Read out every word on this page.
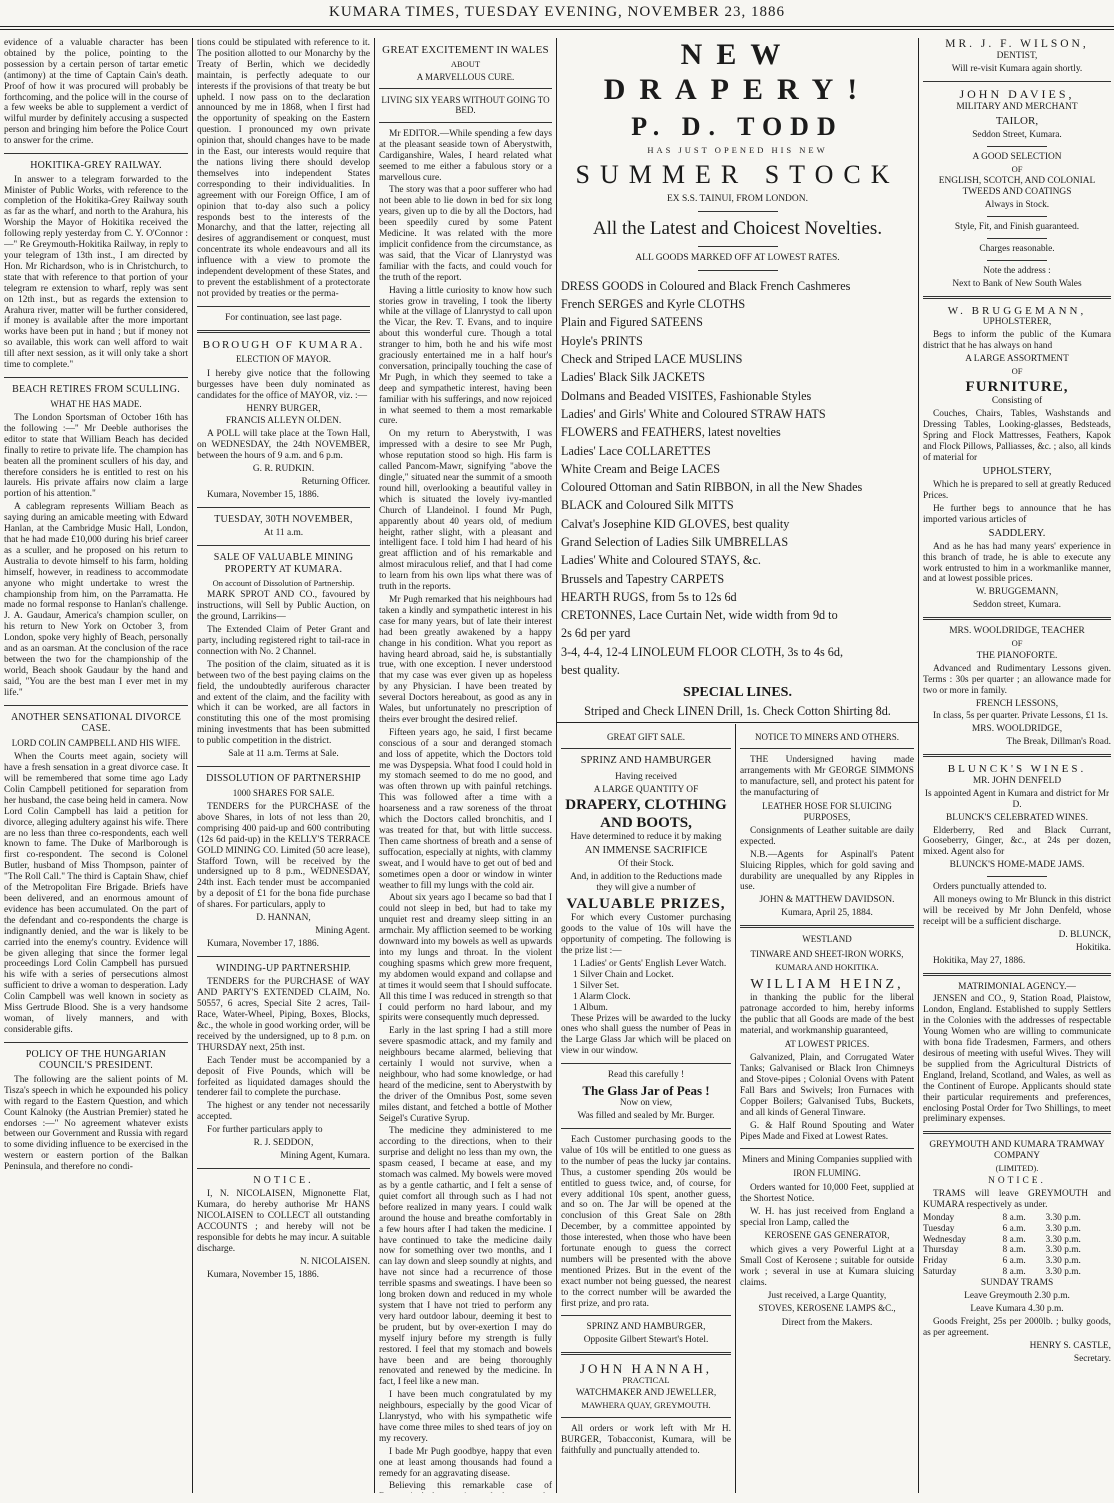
KUMARA TIMES, TUESDAY EVENING, NOVEMBER 23, 1886

evidence of a valuable character has been obtained by the police, pointing to the possession by a certain person of tartar emetic (antimony) at the time of Captain Cain's death. Proof of how it was procured will probably be forthcoming, and the police will in the course of a few weeks be able to supplement a verdict of wilful murder by definitely accusing a suspected person and bringing him before the Police Court to answer for the crime.

HOKITIKA-GREY RAILWAY.

In answer to a telegram forwarded to the Minister of Public Works, with reference to the completion of the Hokitika-Grey Railway south as far as the wharf, and north to the Arahura, his Worship the Mayor of Hokitika received the following reply yesterday from C. Y. O'Connor :—" Re Greymouth-Hokitika Railway, in reply to your telegram of 13th inst., I am directed by Hon. Mr Richardson, who is in Christchurch, to state that with reference to that portion of your telegram re extension to wharf, reply was sent on 12th inst., but as regards the extension to Arahura river, matter will be further considered, if money is available after the more important works have been put in hand ; but if money not so available, this work can well afford to wait till after next session, as it will only take a short time to complete."

BEACH RETIRES FROM SCULLING.
WHAT HE HAS MADE.

The London Sportsman of October 16th has the following :—" Mr Deeble authorises the editor to state that William Beach has decided finally to retire to private life. The champion has beaten all the prominent scullers of his day, and therefore considers he is entitled to rest on his laurels. His private affairs now claim a large portion of his attention."

A cablegram represents William Beach as saying during an amicable meeting with Edward Hanlan, at the Cambridge Music Hall, London, that he had made £10,000 during his brief career as a sculler, and he proposed on his return to Australia to devote himself to his farm, holding himself, however, in readiness to accommodate anyone who might undertake to wrest the championship from him, on the Parramatta. He made no formal response to Hanlan's challenge. J. A. Gaudaur, America's champion sculler, on his return to New York on October 3, from London, spoke very highly of Beach, personally and as an oarsman. At the conclusion of the race between the two for the championship of the world, Beach shook Gaudaur by the hand and said, "You are the best man I ever met in my life."

ANOTHER SENSATIONAL DIVORCE CASE.
LORD COLIN CAMPBELL AND HIS WIFE.

When the Courts meet again, society will have a fresh sensation in a great divorce case. It will be remembered that some time ago Lady Colin Campbell petitioned for separation from her husband, the case being held in camera. Now Lord Colin Campbell has laid a petition for divorce, alleging adultery against his wife. There are no less than three co-respondents, each well known to fame. The Duke of Marlborough is first co-respondent. The second is Colonel Butler, husband of Miss Thompson, painter of "The Roll Call." The third is Captain Shaw, chief of the Metropolitan Fire Brigade. Briefs have been delivered, and an enormous amount of evidence has been accumulated. On the part of the defendant and co-respondents the charge is indignantly denied, and the war is likely to be carried into the enemy's country. Evidence will be given alleging that since the former legal proceedings Lord Colin Campbell has pursued his wife with a series of persecutions almost sufficient to drive a woman to desperation. Lady Colin Campbell was well known in society as Miss Gertrude Blood. She is a very handsome woman, of lively manners, and with considerable gifts.

POLICY OF THE HUNGARIAN COUNCIL'S PRESIDENT.

The following are the salient points of M. Tisza's speech in which he expounded his policy with regard to the Eastern Question, and which Count Kalnoky (the Austrian Premier) stated he endorses :—" No agreement whatever exists between our Government and Russia with regard to some dividing influence to be exercised in the western or eastern portion of the Balkan Peninsula, and therefore no condi-

tions could be stipulated with reference to it. The position allotted to our Monarchy by the Treaty of Berlin, which we decidedly maintain, is perfectly adequate to our interests if the provisions of that treaty be but upheld. I now pass on to the declaration announced by me in 1868, when I first had the opportunity of speaking on the Eastern question. I pronounced my own private opinion that, should changes have to be made in the East, our interests would require that the nations living there should develop themselves into independent States corresponding to their individualities. In agreement with our Foreign Office, I am of opinion that to-day also such a policy responds best to the interests of the Monarchy, and that the latter, rejecting all desires of aggrandisement or conquest, must concentrate its whole endeavours and all its influence with a view to promote the independent development of these States, and to prevent the establishment of a protectorate not provided by treaties or the perma-

For continuation, see last page.

BOROUGH OF KUMARA.
ELECTION OF MAYOR.

I hereby give notice that the following burgesses have been duly nominated as candidates for the office of MAYOR, viz. :—

HENRY BURGER,

FRANCIS ALLEYN OLDEN.

A POLL will take place at the Town Hall, on WEDNESDAY, the 24th NOVEMBER, between the hours of 9 a.m. and 6 p.m.

G. R. RUDKIN.

Returning Officer.

Kumara, November 15, 1886.

TUESDAY, 30TH NOVEMBER,

At 11 a.m.

SALE OF VALUABLE MINING PROPERTY AT KUMARA.

On account of Dissolution of Partnership.

MARK SPROT AND CO., favoured by instructions, will Sell by Public Auction, on the ground, Larrikins—

The Extended Claim of Peter Grant and party, including registered right to tail-race in connection with No. 2 Channel.

The position of the claim, situated as it is between two of the best paying claims on the field, the undoubtedly auriferous character and extent of the claim, and the facility with which it can be worked, are all factors in constituting this one of the most promising mining investments that has been submitted to public competition in the district.

Sale at 11 a.m. Terms at Sale.

DISSOLUTION OF PARTNERSHIP
1000 SHARES FOR SALE.

TENDERS for the PURCHASE of the above Shares, in lots of not less than 20, comprising 400 paid-up and 600 contributing (12s 6d paid-up) in the KELLY'S TERRACE GOLD MINING CO. Limited (50 acre lease), Stafford Town, will be received by the undersigned up to 8 p.m., WEDNESDAY, 24th inst. Each tender must be accompanied by a deposit of £1 for the bona fide purchase of shares. For particulars, apply to

D. HANNAN,

Mining Agent.

Kumara, November 17, 1886.

WINDING-UP PARTNERSHIP.

TENDERS for the PURCHASE of WAY AND PARTY'S EXTENDED CLAIM, No. 50557, 6 acres, Special Site 2 acres, Tail-Race, Water-Wheel, Piping, Boxes, Blocks, &c., the whole in good working order, will be received by the undersigned, up to 8 p.m. on THURSDAY next, 25th inst.

Each Tender must be accompanied by a deposit of Five Pounds, which will be forfeited as liquidated damages should the tenderer fail to complete the purchase.

The highest or any tender not necessarily accepted.

For further particulars apply to

R. J. SEDDON,

Mining Agent, Kumara.

NOTICE.

I, N. NICOLAISEN, Mignonette Flat, Kumara, do hereby authorise Mr HANS NICOLAISEN to COLLECT all outstanding ACCOUNTS ; and hereby will not be responsible for debts he may incur. A suitable discharge.

N. NICOLAISEN.

Kumara, November 15, 1886.

GREAT EXCITEMENT IN WALES
ABOUT
A MARVELLOUS CURE.
LIVING SIX YEARS WITHOUT GOING TO BED.

Mr EDITOR.—While spending a few days at the pleasant seaside town of Aberystwith, Cardiganshire, Wales, I heard related what seemed to me either a fabulous story or a marvellous cure.

The story was that a poor sufferer who had not been able to lie down in bed for six long years, given up to die by all the Doctors, had been speedily cured by some Patent Medicine. It was related with the more implicit confidence from the circumstance, as was said, that the Vicar of Llanrystyd was familiar with the facts, and could vouch for the truth of the report.

Having a little curiosity to know how such stories grow in traveling, I took the liberty while at the village of Llanrystyd to call upon the Vicar, the Rev. T. Evans, and to inquire about this wonderful cure. Though a total stranger to him, both he and his wife most graciously entertained me in a half hour's conversation, principally touching the case of Mr Pugh, in which they seemed to take a deep and sympathetic interest, having been familiar with his sufferings, and now rejoiced in what seemed to them a most remarkable cure.

On my return to Aberystwith, I was impressed with a desire to see Mr Pugh, whose reputation stood so high. His farm is called Pancom-Mawr, signifying "above the dingle," situated near the summit of a smooth round hill, overlooking a beautiful valley in which is situated the lovely ivy-mantled Church of Llandeinol. I found Mr Pugh, apparently about 40 years old, of medium height, rather slight, with a pleasant and intelligent face. I told him I had heard of his great affliction and of his remarkable and almost miraculous relief, and that I had come to learn from his own lips what there was of truth in the reports.

Mr Pugh remarked that his neighbours had taken a kindly and sympathetic interest in his case for many years, but of late their interest had been greatly awakened by a happy change in his condition. What you report as having heard abroad, said he, is substantially true, with one exception. I never understood that my case was ever given up as hopeless by any Physician. I have been treated by several Doctors hereabout, as good as any in Wales, but unfortunately no prescription of theirs ever brought the desired relief.

Fifteen years ago, he said, I first became conscious of a sour and deranged stomach and loss of appetite, which the Doctors told me was Dyspepsia. What food I could hold in my stomach seemed to do me no good, and was often thrown up with painful retchings. This was followed after a time with a hoarseness and a raw soreness of the throat which the Doctors called bronchitis, and I was treated for that, but with little success. Then came shortness of breath and a sense of suffocation, especially at nights, with clammy sweat, and I would have to get out of bed and sometimes open a door or window in winter weather to fill my lungs with the cold air.

About six years ago I became so bad that I could not sleep in bed, but had to take my unquiet rest and dreamy sleep sitting in an armchair. My affliction seemed to be working downward into my bowels as well as upwards into my lungs and throat. In the violent coughing spasms which grew more frequent, my abdomen would expand and collapse and at times it would seem that I should suffocate. All this time I was reduced in strength so that I could perform no hard labour, and my spirits were consequently much depressed.

Early in the last spring I had a still more severe spasmodic attack, and my family and neighbours became alarmed, believing that certainly I would not survive, when a neighbour, who had some knowledge, or had heard of the medicine, sent to Aberystwith by the driver of the Omnibus Post, some seven miles distant, and fetched a bottle of Mother Seigel's Curative Syrup.

The medicine they administered to me according to the directions, when to their surprise and delight no less than my own, the spasm ceased, I became at ease, and my stomach was calmed. My bowels were moved as by a gentle cathartic, and I felt a sense of quiet comfort all through such as I had not before realized in many years. I could walk around the house and breathe comfortably in a few hours after I had taken the medicine. I have continued to take the medicine daily now for something over two months, and I can lay down and sleep soundly at nights, and have not since had a recurrence of those terrible spasms and sweatings. I have been so long broken down and reduced in my whole system that I have not tried to perform any very hard outdoor labour, deeming it best to be prudent, but by over-exertion I may do myself injury before my strength is fully restored. I feel that my stomach and bowels have been and are being thoroughly renovated and renewed by the medicine. In fact, I feel like a new man.

I have been much congratulated by my neighbours, especially by the good Vicar of Llanrystyd, who with his sympathetic wife have come three miles to shed tears of joy on my recovery.

I bade Mr Pugh goodbye, happy that even one at least among thousands had found a remedy for an aggravating disease.

Believing this remarkable case of

NEW DRAPERY!
P. D. TODD
HAS JUST OPENED HIS NEW
SUMMER STOCK
EX S.S. TAINUI, FROM LONDON.
All the Latest and Choicest Novelties.
ALL GOODS MARKED OFF AT LOWEST RATES.
DRESS GOODS in Coloured and Black French Cashmeres
French SERGES and Kyrle CLOTHS
Plain and Figured SATEENS
Hoyle's PRINTS
Check and Striped LACE MUSLINS
Ladies' Black Silk JACKETS
Dolmans and Beaded VISITES, Fashionable Styles
Ladies' and Girls' White and Coloured STRAW HATS
FLOWERS and FEATHERS, latest novelties
Ladies' Lace COLLARETTES
White Cream and Beige LACES
Coloured Ottoman and Satin RIBBON, in all the New Shades
BLACK and Coloured Silk MITTS
Calvat's Josephine KID GLOVES, best quality
Grand Selection of Ladies Silk UMBRELLAS
Ladies' White and Coloured STAYS, &c.
Brussels and Tapestry CARPETS
HEARTH RUGS, from 5s to 12s 6d
CRETONNES, Lace Curtain Net, wide width from 9d to
2s 6d per yard
3-4, 4-4, 12-4 LINOLEUM FLOOR CLOTH, 3s to 4s 6d,
best quality.
SPECIAL LINES.
Striped and Check LINEN Drill, 1s. Check Cotton Shirting 8d.
GREAT GIFT SALE.
SPRINZ AND HAMBURGER

Having received

A LARGE QUANTITY OF

DRAPERY, CLOTHING AND BOOTS,

Have determined to reduce it by making

AN IMMENSE SACRIFICE

Of their Stock.

And, in addition to the Reductions made they will give a number of

VALUABLE PRIZES,

For which every Customer purchasing goods to the value of 10s will have the opportunity of competing. The following is the prize list :—

1 Ladies' or Gents' English Lever Watch.
1 Silver Chain and Locket.
1 Silver Set.
1 Alarm Clock.
1 Album.

These Prizes will be awarded to the lucky ones who shall guess the number of Peas in the Large Glass Jar which will be placed on view in our window.

Read this carefully !

The Glass Jar of Peas !

Now on view,

Was filled and sealed by Mr. Burger.

Each Customer purchasing goods to the value of 10s will be entitled to one guess as to the number of peas the lucky jar contains. Thus, a customer spending 20s would be entitled to guess twice, and, of course, for every additional 10s spent, another guess, and so on. The Jar will be opened at the conclusion of this Great Sale on 28th December, by a committee appointed by those interested, when those who have been fortunate enough to guess the correct numbers will be presented with the above mentioned Prizes. But in the event of the exact number not being guessed, the nearest to the correct number will be awarded the first prize, and pro rata.

SPRINZ AND HAMBURGER,

Opposite Gilbert Stewart's Hotel.

JOHN HANNAH,

PRACTICAL

WATCHMAKER AND JEWELLER,

MAWHERA QUAY, GREYMOUTH.

All orders or work left with Mr H. BURGER, Tobacconist, Kumara, will be faithfully and punctually attended to.

NOTICE TO MINERS AND OTHERS.

THE Undersigned having made arrangements with Mr GEORGE SIMMONS to manufacture, sell, and protect his patent for the manufacturing of

LEATHER HOSE FOR SLUICING PURPOSES,

Consignments of Leather suitable are daily expected.

N.B.—Agents for Aspinall's Patent Sluicing Ripples, which for gold saving and durability are unequalled by any Ripples in use.

JOHN & MATTHEW DAVIDSON.

Kumara, April 25, 1884.

WESTLAND
TINWARE AND SHEET-IRON WORKS,
KUMARA AND HOKITIKA.
WILLIAM HEINZ,

in thanking the public for the liberal patronage accorded to him, hereby informs the public that all Goods are made of the best material, and workmanship guaranteed,

AT LOWEST PRICES.

Galvanized, Plain, and Corrugated Water Tanks; Galvanised or Black Iron Chimneys and Stove-pipes ; Colonial Ovens with Patent Fall Bars and Swivels; Iron Furnaces with Copper Boilers; Galvanised Tubs, Buckets, and all kinds of General Tinware.

G. & Half Round Spouting and Water Pipes Made and Fixed at Lowest Rates.

Miners and Mining Companies supplied with

IRON FLUMING.

Orders wanted for 10,000 Feet, supplied at the Shortest Notice.

W. H. has just received from England a special Iron Lamp, called the

KEROSENE GAS GENERATOR,

which gives a very Powerful Light at a Small Cost of Kerosene ; suitable for outside work ; several in use at Kumara sluicing claims.

Just received, a Large Quantity,

STOVES, KEROSENE LAMPS &C.,

Direct from the Makers.

MR. J. F. WILSON,

DENTIST,

Will re-visit Kumara again shortly.

JOHN DAVIES,

MILITARY AND MERCHANT

TAILOR,

Seddon Street, Kumara.

A GOOD SELECTION

OF

ENGLISH, SCOTCH, AND COLONIAL TWEEDS AND COATINGS

Always in Stock.

Style, Fit, and Finish guaranteed.

Charges reasonable.

Note the address :

Next to Bank of New South Wales

W. BRUGGEMANN,

UPHOLSTERER,

Begs to inform the public of the Kumara district that he has always on hand

A LARGE ASSORTMENT

OF

FURNITURE,

Consisting of

Couches, Chairs, Tables, Washstands and Dressing Tables, Looking-glasses, Bedsteads, Spring and Flock Mattresses, Feathers, Kapok and Flock Pillows, Palliasses, &c. ; also, all kinds of material for

UPHOLSTERY,

Which he is prepared to sell at greatly Reduced Prices.

He further begs to announce that he has imported various articles of

SADDLERY.

And as he has had many years' experience in this branch of trade, he is able to execute any work entrusted to him in a workmanlike manner, and at lowest possible prices.

W. BRUGGEMANN,

Seddon street, Kumara.

MRS. WOOLDRIDGE, TEACHER

OF

THE PIANOFORTE.

Advanced and Rudimentary Lessons given. Terms : 30s per quarter ; an allowance made for two or more in family.

FRENCH LESSONS,

In class, 5s per quarter. Private Lessons, £1 1s.

MRS. WOOLDRIDGE,

The Break, Dillman's Road.

BLUNCK'S WINES.

MR. JOHN DENFELD

Is appointed Agent in Kumara and district for Mr D.

BLUNCK'S CELEBRATED WINES.

Elderberry, Red and Black Currant, Gooseberry, Ginger, &c., at 24s per dozen, mixed. Agent also for

BLUNCK'S HOME-MADE JAMS.

Orders punctually attended to.

All moneys owing to Mr Blunck in this district will be received by Mr John Denfeld, whose receipt will be a sufficient discharge.

D. BLUNCK,

Hokitika.

Hokitika, May 27, 1886.

MATRIMONIAL AGENCY.—

JENSEN and CO., 9, Station Road, Plaistow, London, England. Established to supply Settlers in the Colonies with the addresses of respectable Young Women who are willing to communicate with bona fide Tradesmen, Farmers, and others desirous of meeting with useful Wives. They will be supplied from the Agricultural Districts of England, Ireland, Scotland, and Wales, as well as the Continent of Europe. Applicants should state their particular requirements and preferences, enclosing Postal Order for Two Shillings, to meet preliminary expenses.

GREYMOUTH AND KUMARA TRAMWAY COMPANY

(LIMITED).

NOTICE.

TRAMS will leave GREYMOUTH and KUMARA respectively as under.

Monday	8 a.m.	3.30 p.m.
Tuesday	6 a.m.	3.30 p.m.
Wednesday	8 a.m.	3.30 p.m.
Thursday	8 a.m.	3.30 p.m.
Friday	6 a.m.	3.30 p.m.
Saturday	8 a.m.	3.30 p.m.

SUNDAY TRAMS

Leave Greymouth 2.30 p.m.

Leave Kumara 4.30 p.m.

Goods Freight, 25s per 2000lb. ; bulky goods, as per agreement.

HENRY S. CASTLE,

Secretary.
